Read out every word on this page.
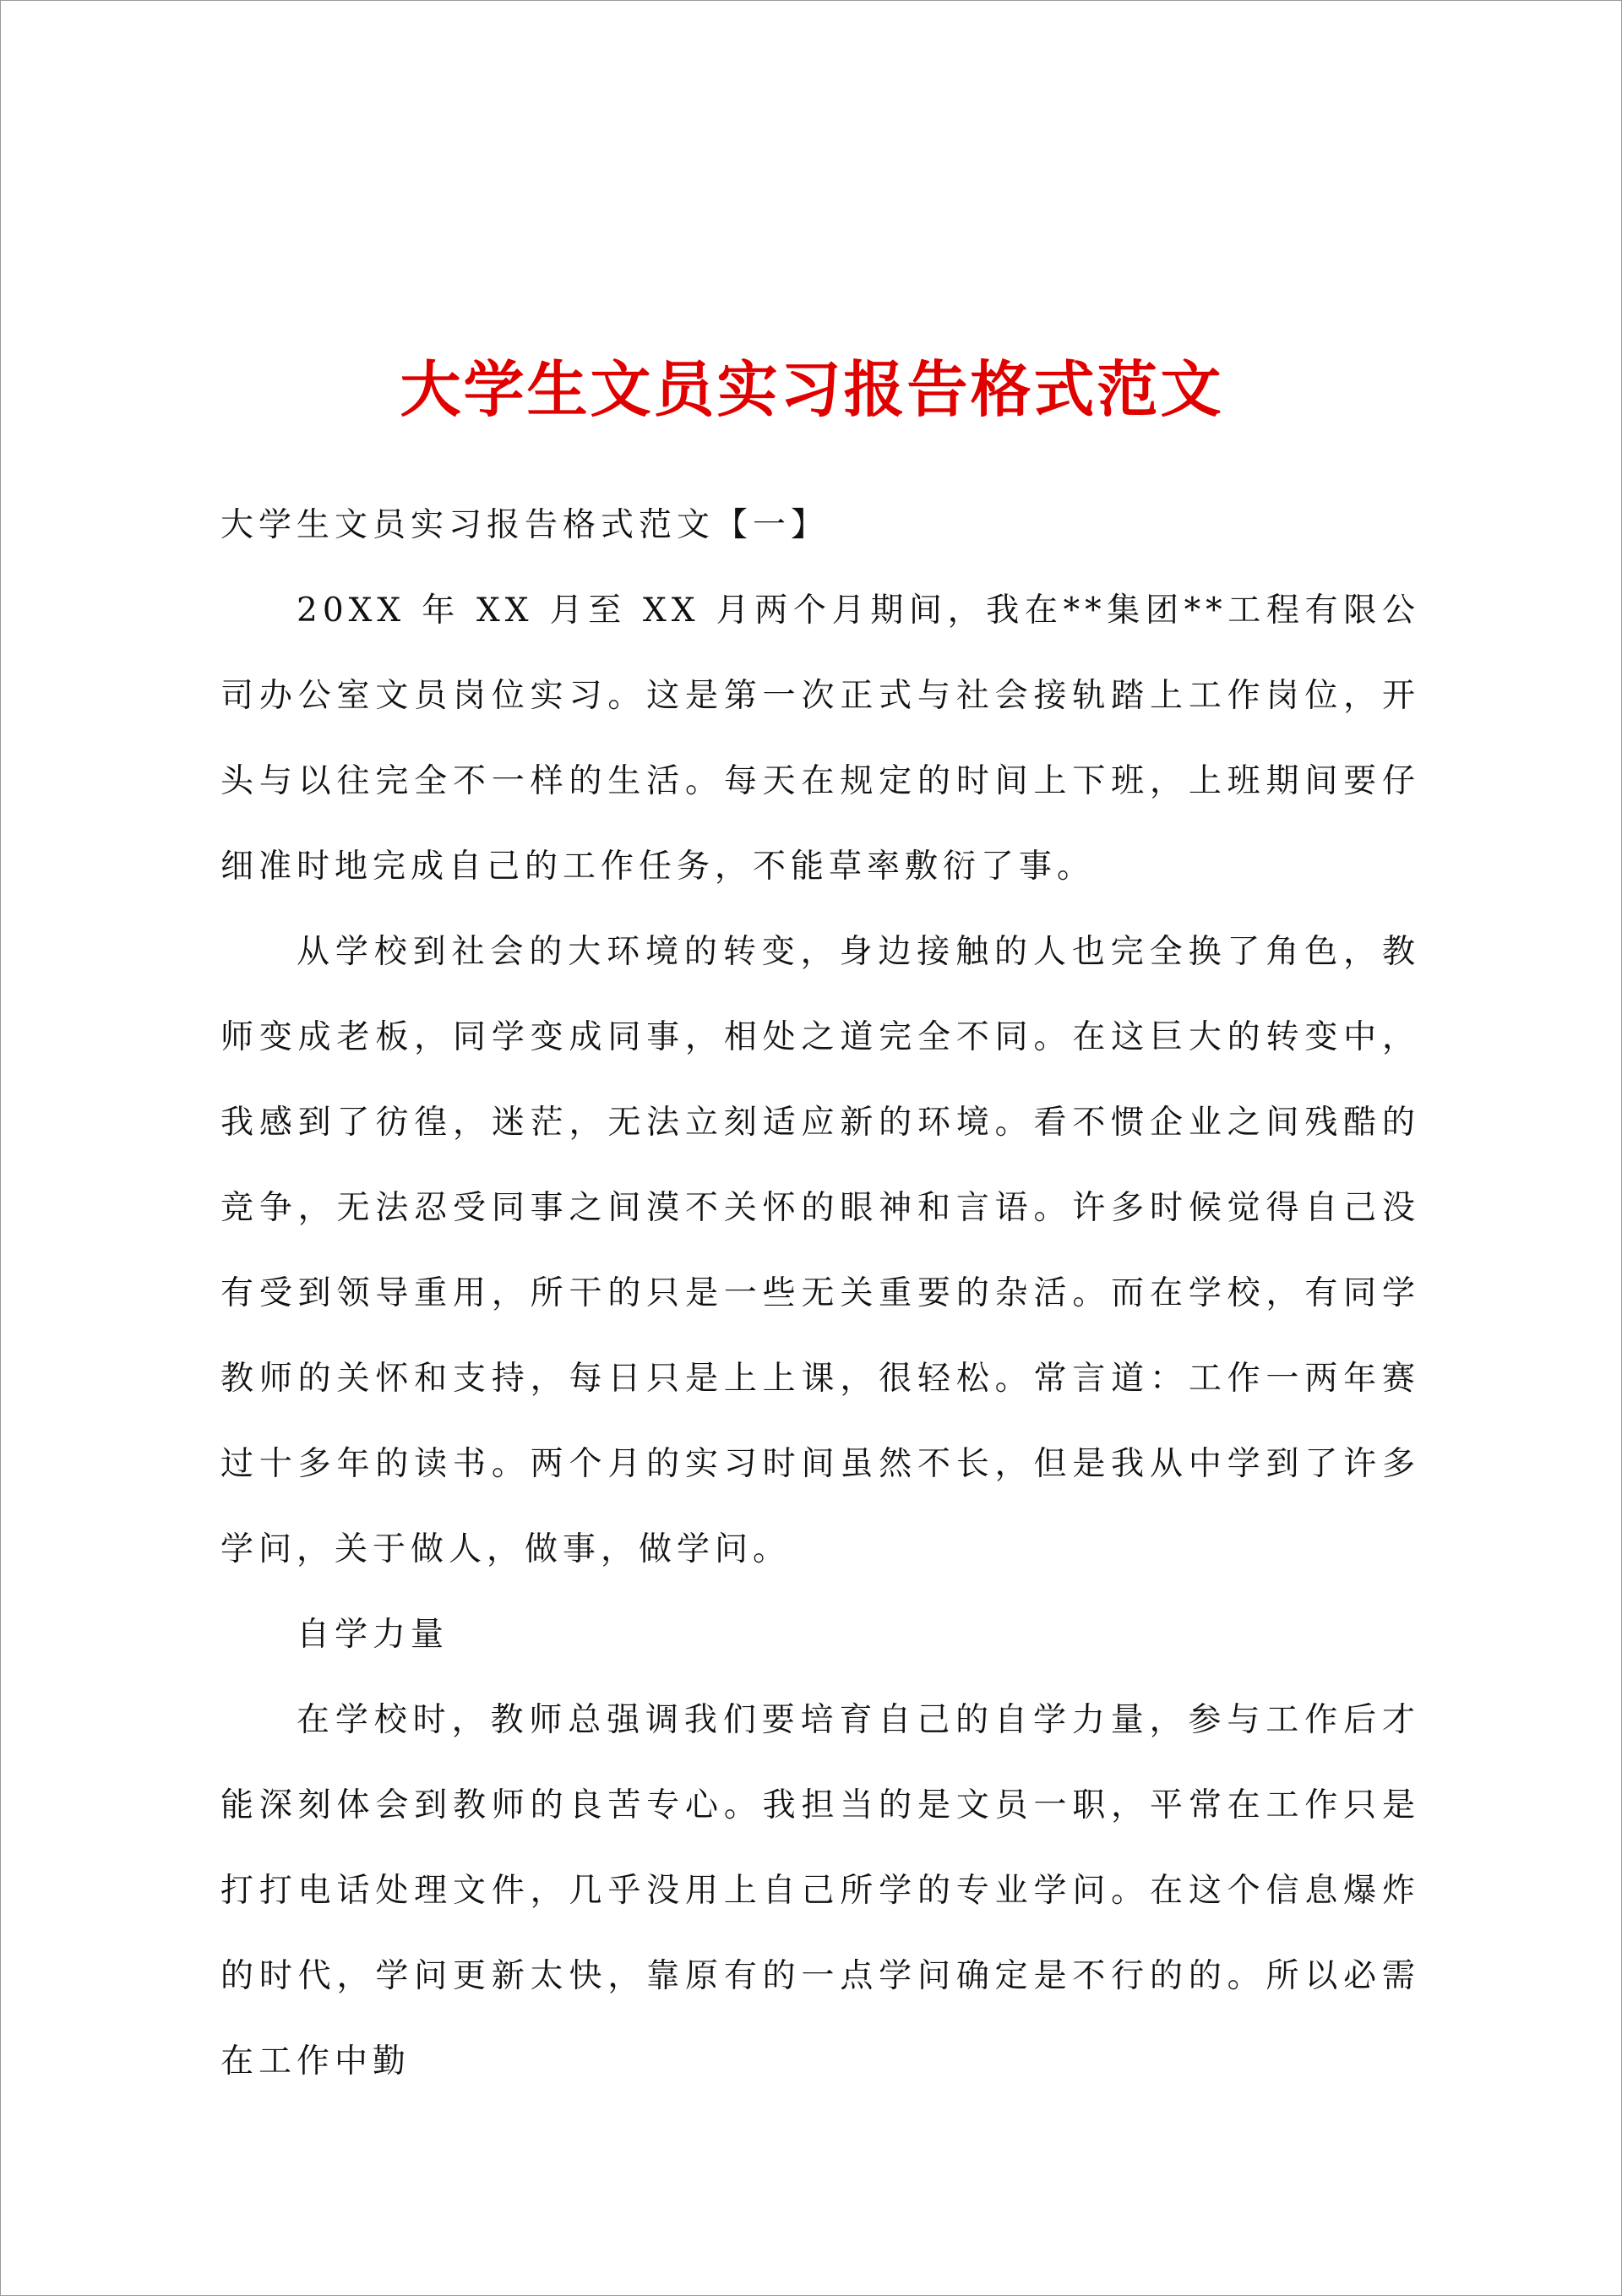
大学生文员实习报告格式范文

大学生文员实习报告格式范文【一】

20XX 年 XX 月至 XX 月两个月期间，我在**集团**工程有限公司办公室文员岗位实习。这是第一次正式与社会接轨踏上工作岗位，开头与以往完全不一样的生活。每天在规定的时间上下班，上班期间要仔细准时地完成自己的工作任务，不能草率敷衍了事。

从学校到社会的大环境的转变，身边接触的人也完全换了角色，教师变成老板，同学变成同事，相处之道完全不同。在这巨大的转变中，我感到了彷徨，迷茫，无法立刻适应新的环境。看不惯企业之间残酷的竞争，无法忍受同事之间漠不关怀的眼神和言语。许多时候觉得自己没有受到领导重用，所干的只是一些无关重要的杂活。而在学校，有同学教师的关怀和支持，每日只是上上课，很轻松。常言道：工作一两年赛过十多年的读书。两个月的实习时间虽然不长，但是我从中学到了许多学问，关于做人，做事，做学问。

自学力量

在学校时，教师总强调我们要培育自己的自学力量，参与工作后才能深刻体会到教师的良苦专心。我担当的是文员一职，平常在工作只是打打电话处理文件，几乎没用上自己所学的专业学问。在这个信息爆炸的时代，学问更新太快，靠原有的一点学问确定是不行的的。所以必需在工作中勤
